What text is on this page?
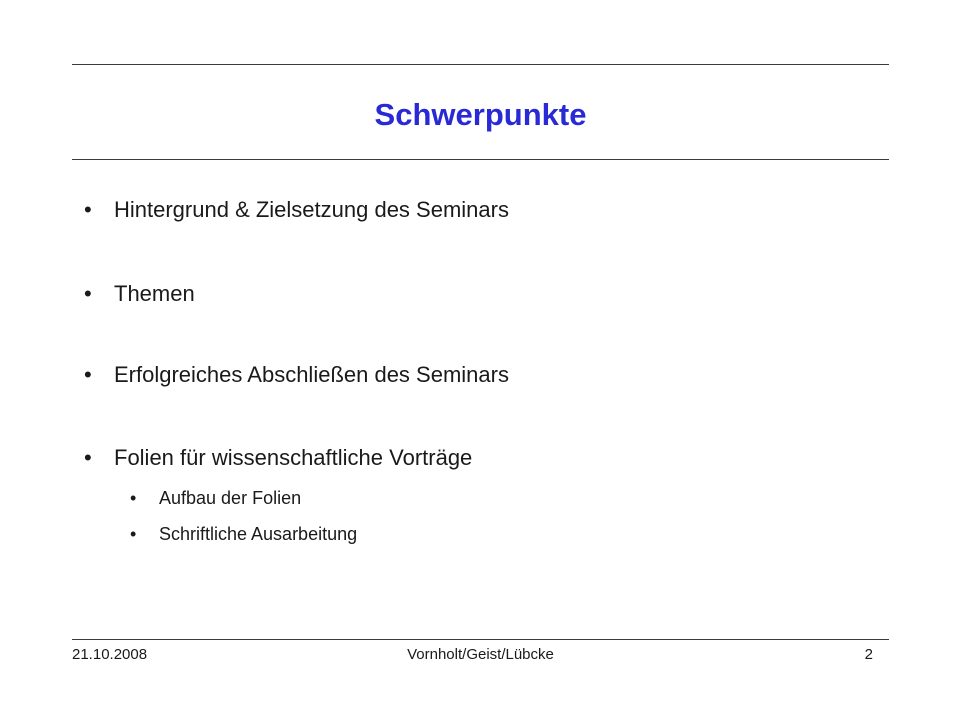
Schwerpunkte
• Hintergrund & Zielsetzung des Seminars
• Themen
• Erfolgreiches Abschließen des Seminars
• Folien für wissenschaftliche Vorträge
• Aufbau der Folien
• Schriftliche Ausarbeitung
21.10.2008	Vornholt/Geist/Lübcke	2
